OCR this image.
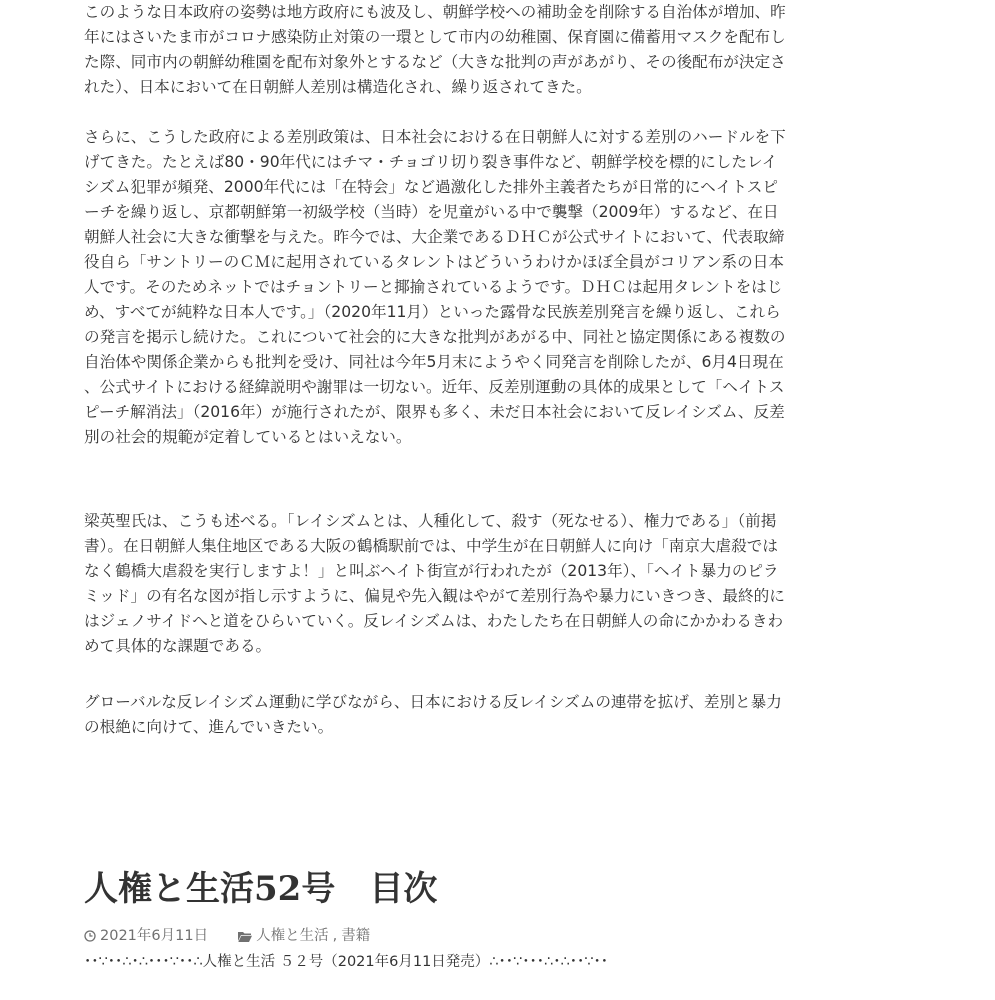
このような日本政府の姿勢は地方政府にも波及し、朝鮮学校への補助金を削除する自治体が増加、昨年にはさいたま市がコロナ感染防止対策の一環として市内の幼稚園、保育園に備蓄用マスクを配布した際、同市内の朝鮮幼稚園を配布対象外とするなど（大きな批判の声があがり、その後配布が決定された）、日本において在日朝鮮人差別は構造化され、繰り返されてきた。

さらに、こうした政府による差別政策は、日本社会における在日朝鮮人に対する差別のハードルを下げてきた。たとえば80・90年代にはチマ・チョゴリ切り裂き事件など、朝鮮学校を標的にしたレイシズム犯罪が頻発、2000年代には「在特会」など過激化した排外主義者たちが日常的にヘイトスピーチを繰り返し、京都朝鮮第一初級学校（当時）を児童がいる中で襲撃（2009年）するなど、在日朝鮮人社会に大きな衝撃を与えた。昨今では、大企業であるＤＨＣが公式サイトにおいて、代表取締役自ら「サントリーのＣＭに起用されているタレントはどういうわけかほぼ全員がコリアン系の日本人です。そのためネットではチョントリーと揶揄されているようです。ＤＨＣは起用タレントをはじめ、すべてが純粋な日本人です。」（2020年11月）といった露骨な民族差別発言を繰り返し、これらの発言を掲示し続けた。これについて社会的に大きな批判があがる中、同社と協定関係にある複数の自治体や関係企業からも批判を受け、同社は今年5月末にようやく同発言を削除したが、6月4日現在、公式サイトにおける経緯説明や謝罪は一切ない。近年、反差別運動の具体的成果として「ヘイトスピーチ解消法」（2016年）が施行されたが、限界も多く、未だ日本社会において反レイシズム、反差別の社会的規範が定着しているとはいえない。

梁英聖氏は、こうも述べる。「レイシズムとは、人種化して、殺す（死なせる）、権力である」（前掲書）。在日朝鮮人集住地区である大阪の鶴橋駅前では、中学生が在日朝鮮人に向け「南京大虐殺ではなく鶴橋大虐殺を実行しますよ！」と叫ぶヘイト街宣が行われたが（2013年）、「ヘイト暴力のピラミッド」の有名な図が指し示すように、偏見や先入観はやがて差別行為や暴力にいきつき、最終的にはジェノサイドへと道をひらいていく。反レイシズムは、わたしたち在日朝鮮人の命にかかわるきわめて具体的な課題である。

グローバルな反レイシズム運動に学びながら、日本における反レイシズムの連帯を拡げ、差別と暴力の根絶に向けて、進んでいきたい。

人権と生活52号　目次
2021年6月11日	人権と生活 , 書籍
･･∵･･∴･∴･･･∵･･∴人権と生活 ５２号（2021年6月11日発売）∴･･∵･･･∴･∴･･∵･･
